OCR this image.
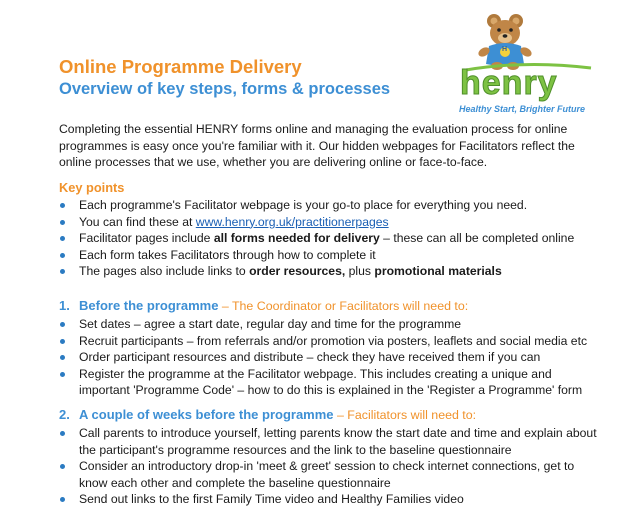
H
henry
Healthy Start, Brighter Future
Online Programme Delivery
Overview of key steps, forms & processes

Completing the essential HENRY forms online and managing the evaluation process for online programmes is easy once you're familiar with it. Our hidden webpages for Facilitators reflect the online processes that we use, whether you are delivering online or face-to-face.

Key points
Each programme's Facilitator webpage is your go-to place for everything you need.
You can find these at www.henry.org.uk/practitionerpages
Facilitator pages include all forms needed for delivery – these can all be completed online
Each form takes Facilitators through how to complete it
The pages also include links to order resources, plus promotional materials
1. Before the programme – The Coordinator or Facilitators will need to:
Set dates – agree a start date, regular day and time for the programme
Recruit participants – from referrals and/or promotion via posters, leaflets and social media etc
Order participant resources and distribute – check they have received them if you can
Register the programme at the Facilitator webpage. This includes creating a unique and important 'Programme Code' – how to do this is explained in the 'Register a Programme' form
2. A couple of weeks before the programme – Facilitators will need to:
Call parents to introduce yourself, letting parents know the start date and time and explain about the participant's programme resources and the link to the baseline questionnaire
Consider an introductory drop-in 'meet & greet' session to check internet connections, get to know each other and complete the baseline questionnaire
Send out links to the first Family Time video and Healthy Families video
